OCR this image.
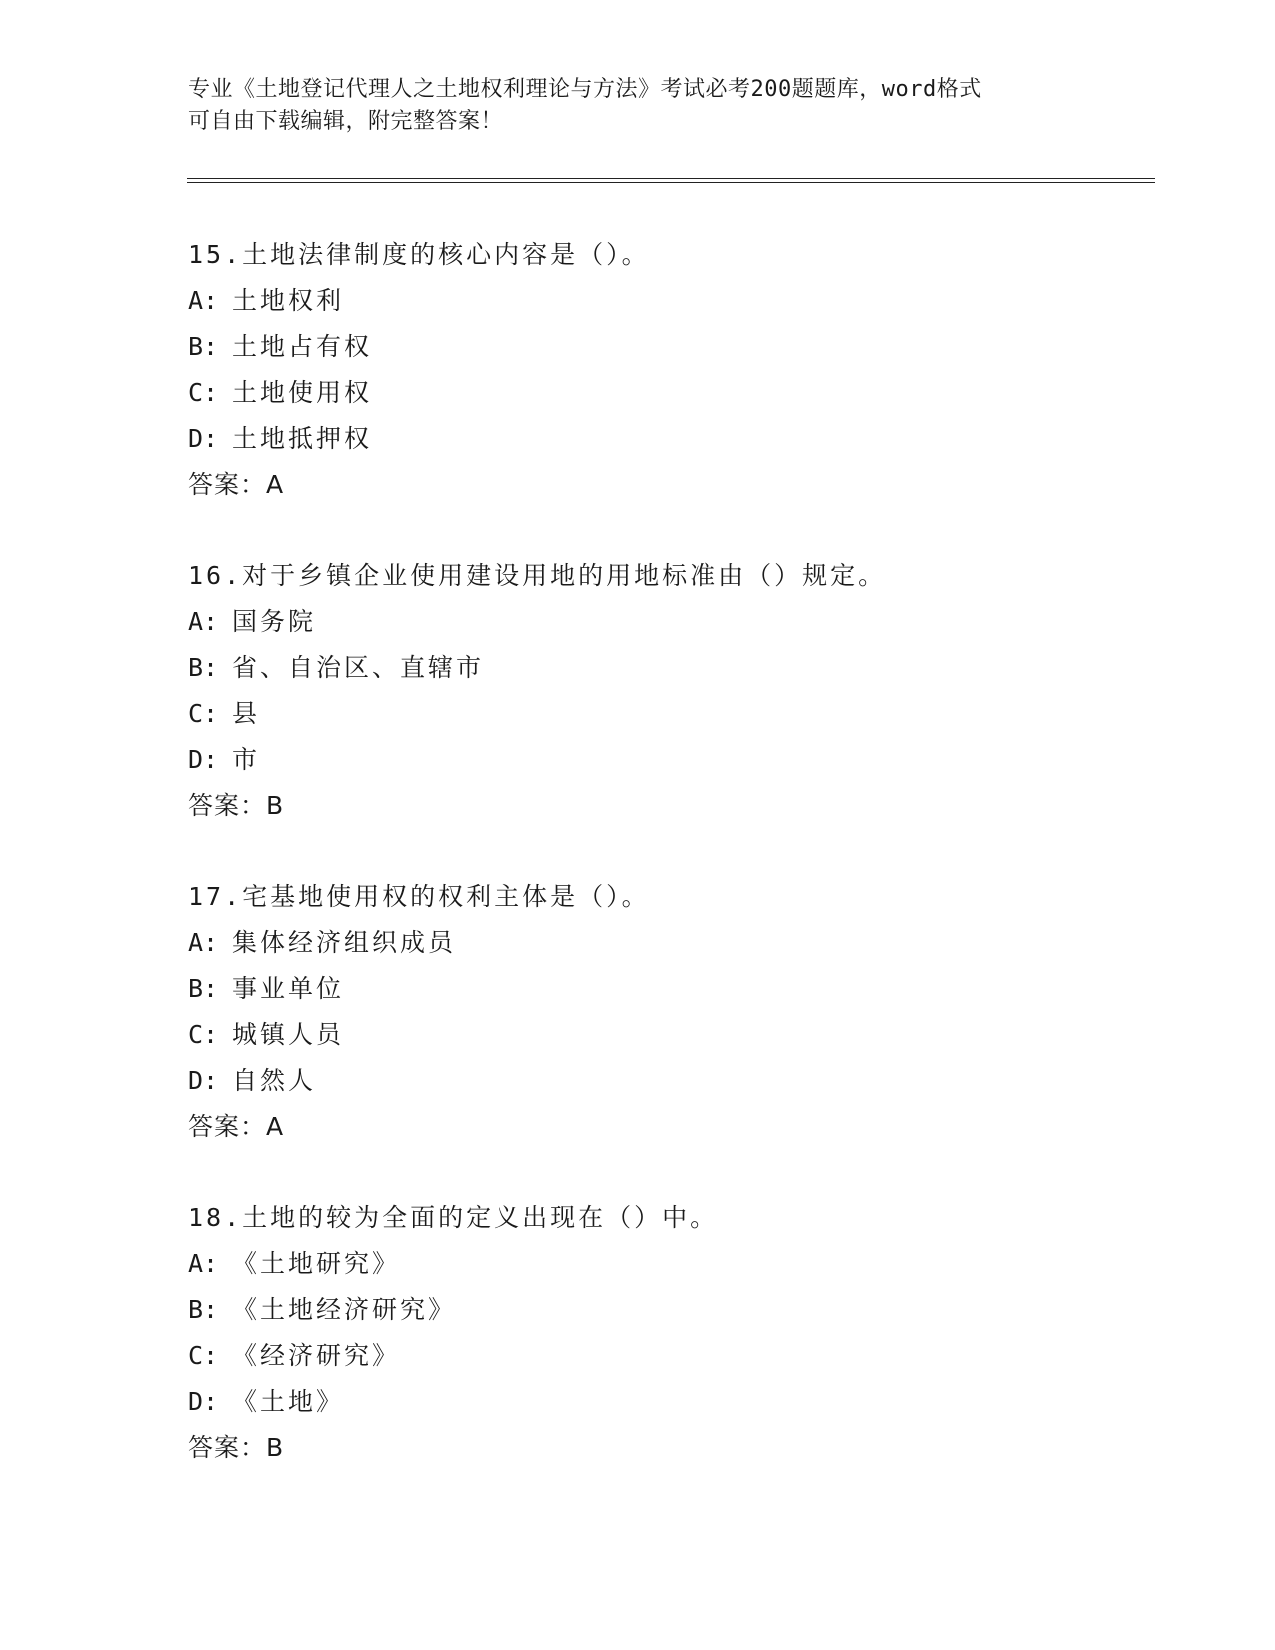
专业《土地登记代理人之土地权利理论与方法》考试必考200题题库，word格式
可自由下载编辑，附完整答案！
15.土地法律制度的核心内容是（）。
A: 土地权利
B: 土地占有权
C: 土地使用权
D: 土地抵押权
答案：A
16.对于乡镇企业使用建设用地的用地标准由（）规定。
A: 国务院
B: 省、自治区、直辖市
C: 县
D: 市
答案：B
17.宅基地使用权的权利主体是（）。
A: 集体经济组织成员
B: 事业单位
C: 城镇人员
D: 自然人
答案：A
18.土地的较为全面的定义出现在（）中。
A: 《土地研究》
B: 《土地经济研究》
C: 《经济研究》
D: 《土地》
答案：B
